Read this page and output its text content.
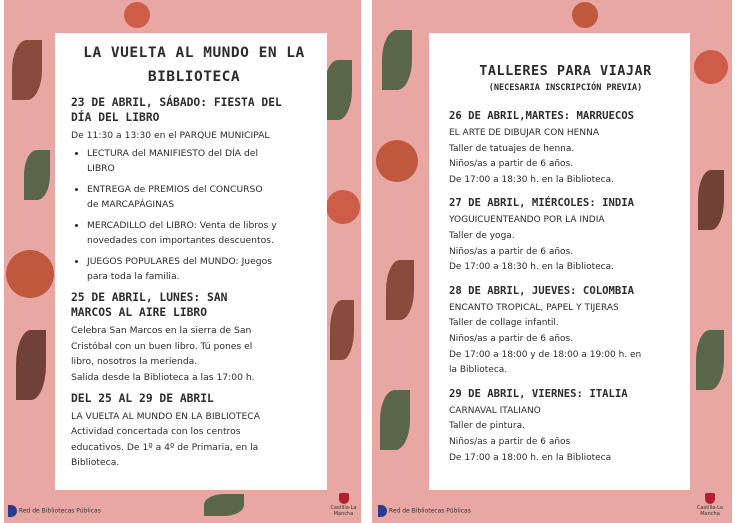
LA VUELTA AL MUNDO EN LA
BIBLIOTECA
23 DE ABRIL, SÁBADO: FIESTA DEL
DÍA DEL LIBRO
De 11:30 a 13:30 en el PARQUE MUNICIPAL
• LECTURA del MANIFIESTO del DÍA del
LIBRO
• ENTREGA de PREMIOS del CONCURSO
de MARCAPÁGINAS
• MERCADILLO del LIBRO: Venta de libros y
novedades con importantes descuentos.
• JUEGOS POPULARES del MUNDO: Juegos
para toda la familia.
25 DE ABRIL, LUNES: SAN
MARCOS AL AIRE LIBRO
Celebra San Marcos en la sierra de San
Cristóbal con un buen libro. Tú pones el
libro, nosotros la merienda.
Salida desde la Biblioteca a las 17:00 h.
DEL 25 AL 29 DE ABRIL
LA VUELTA AL MUNDO EN LA BIBLIOTECA
Actividad concertada con los centros
educativos. De 1º a 4º de Primaria, en la
Biblioteca.
Red de Bibliotecas Públicas	Castilla-La Mancha
TALLERES PARA VIAJAR
(NECESARIA INSCRIPCIÓN PREVIA)
26 DE ABRIL,MARTES: MARRUECOS
EL ARTE DE DIBUJAR CON HENNA
Taller de tatuajes de henna.
Niños/as a partir de 6 años.
De 17:00 a 18:30 h. en la Biblioteca.
27 DE ABRIL, MIÉRCOLES: INDIA
YOGUICUENTEANDO POR LA INDIA
Taller de yoga.
Niños/as a partir de 6 años.
De 17:00 a 18:30 h. en la Biblioteca.
28 DE ABRIL, JUEVES: COLOMBIA
ENCANTO TROPICAL, PAPEL Y TIJERAS
Taller de collage infantil.
Niños/as a partir de 6 años.
De 17:00 a 18:00 y de 18:00 a 19:00 h. en
la Biblioteca.
29 DE ABRIL, VIERNES: ITALIA
CARNAVAL ITALIANO
Taller de pintura.
Niños/as a partir de 6 años
De 17:00 a 18:00 h. en la Biblioteca
Red de Bibliotecas Públicas	Castilla-La Mancha
